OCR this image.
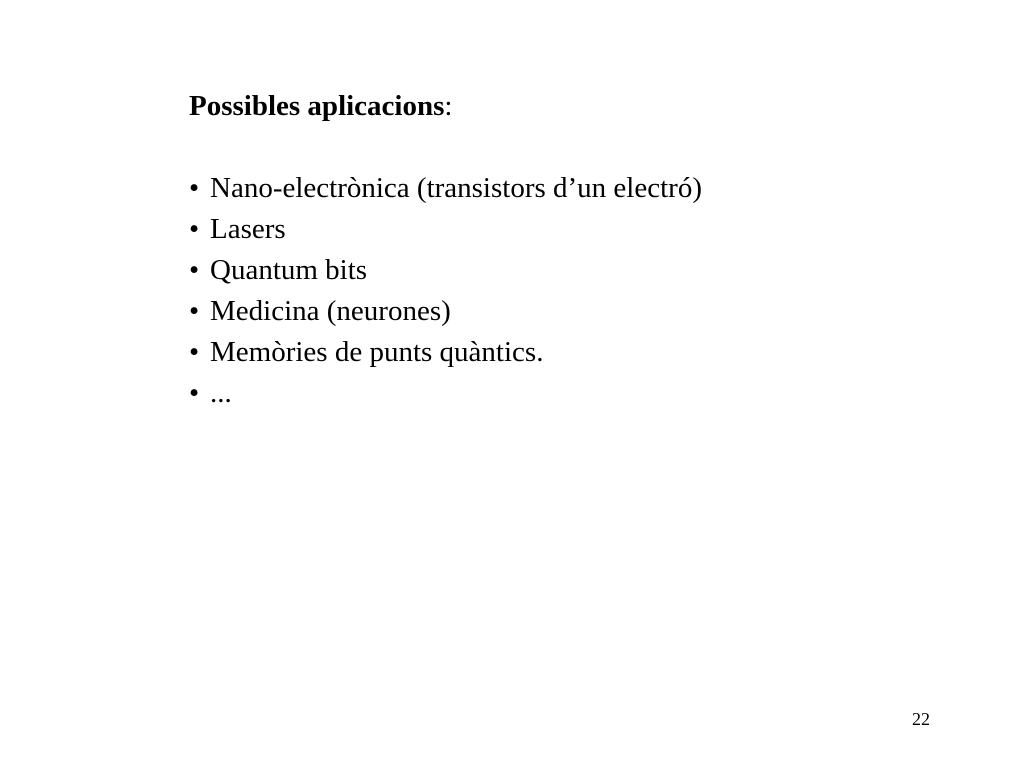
Possibles aplicacions:
• Nano-electrònica (transistors d’un electró)
• Lasers
• Quantum bits
• Medicina (neurones)
• Memòries de punts quàntics.
• ...
22
